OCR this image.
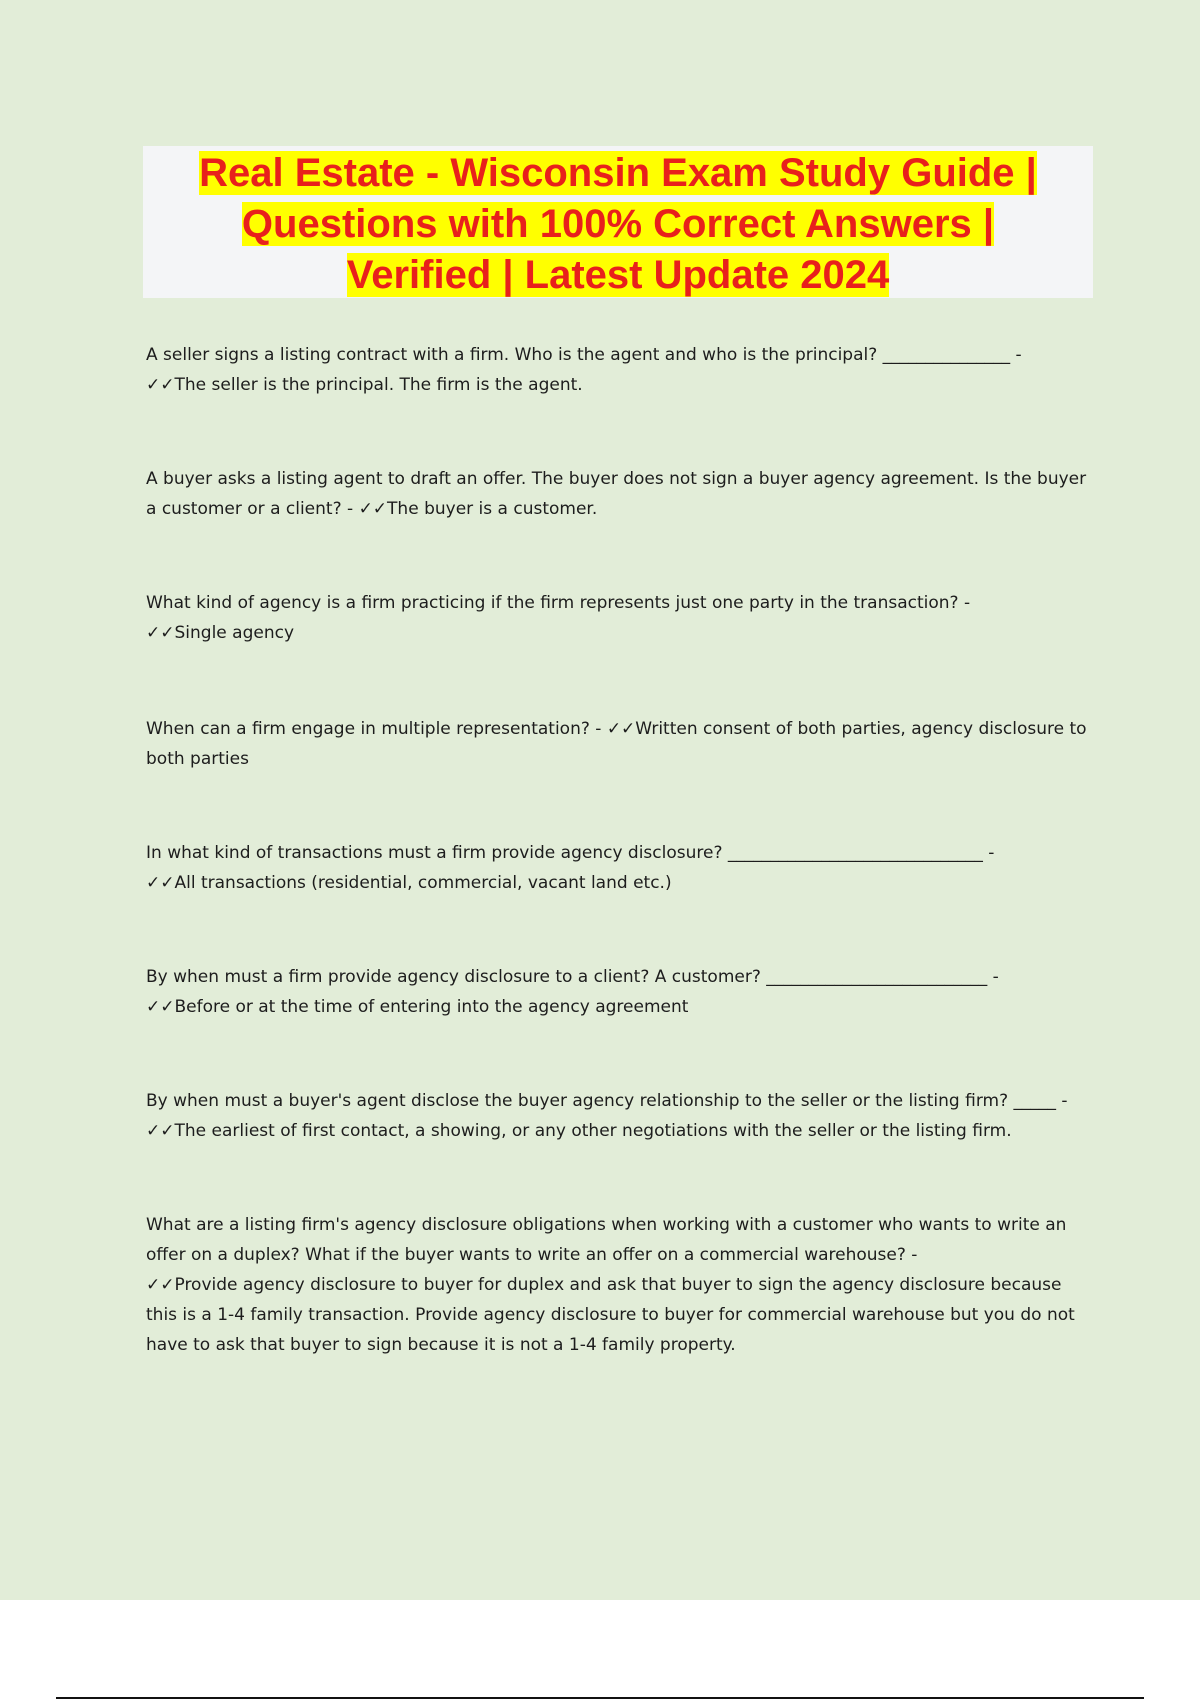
Real Estate - Wisconsin Exam Study Guide |
Questions with 100% Correct Answers |
Verified | Latest Update 2024

A seller signs a listing contract with a firm. Who is the agent and who is the principal? _______________ -
✓✓The seller is the principal. The firm is the agent.

A buyer asks a listing agent to draft an offer. The buyer does not sign a buyer agency agreement. Is the buyer a customer or a client? - ✓✓The buyer is a customer.

What kind of agency is a firm practicing if the firm represents just one party in the transaction? -
✓✓Single agency

When can a firm engage in multiple representation? - ✓✓Written consent of both parties, agency disclosure to both parties

In what kind of transactions must a firm provide agency disclosure? ______________________________ -
✓✓All transactions (residential, commercial, vacant land etc.)

By when must a firm provide agency disclosure to a client? A customer? __________________________ -
✓✓Before or at the time of entering into the agency agreement

By when must a buyer's agent disclose the buyer agency relationship to the seller or the listing firm? _____ - ✓✓The earliest of first contact, a showing, or any other negotiations with the seller or the listing firm.

What are a listing firm's agency disclosure obligations when working with a customer who wants to write an offer on a duplex? What if the buyer wants to write an offer on a commercial warehouse? -
✓✓Provide agency disclosure to buyer for duplex and ask that buyer to sign the agency disclosure because this is a 1-4 family transaction. Provide agency disclosure to buyer for commercial warehouse but you do not have to ask that buyer to sign because it is not a 1-4 family property.
